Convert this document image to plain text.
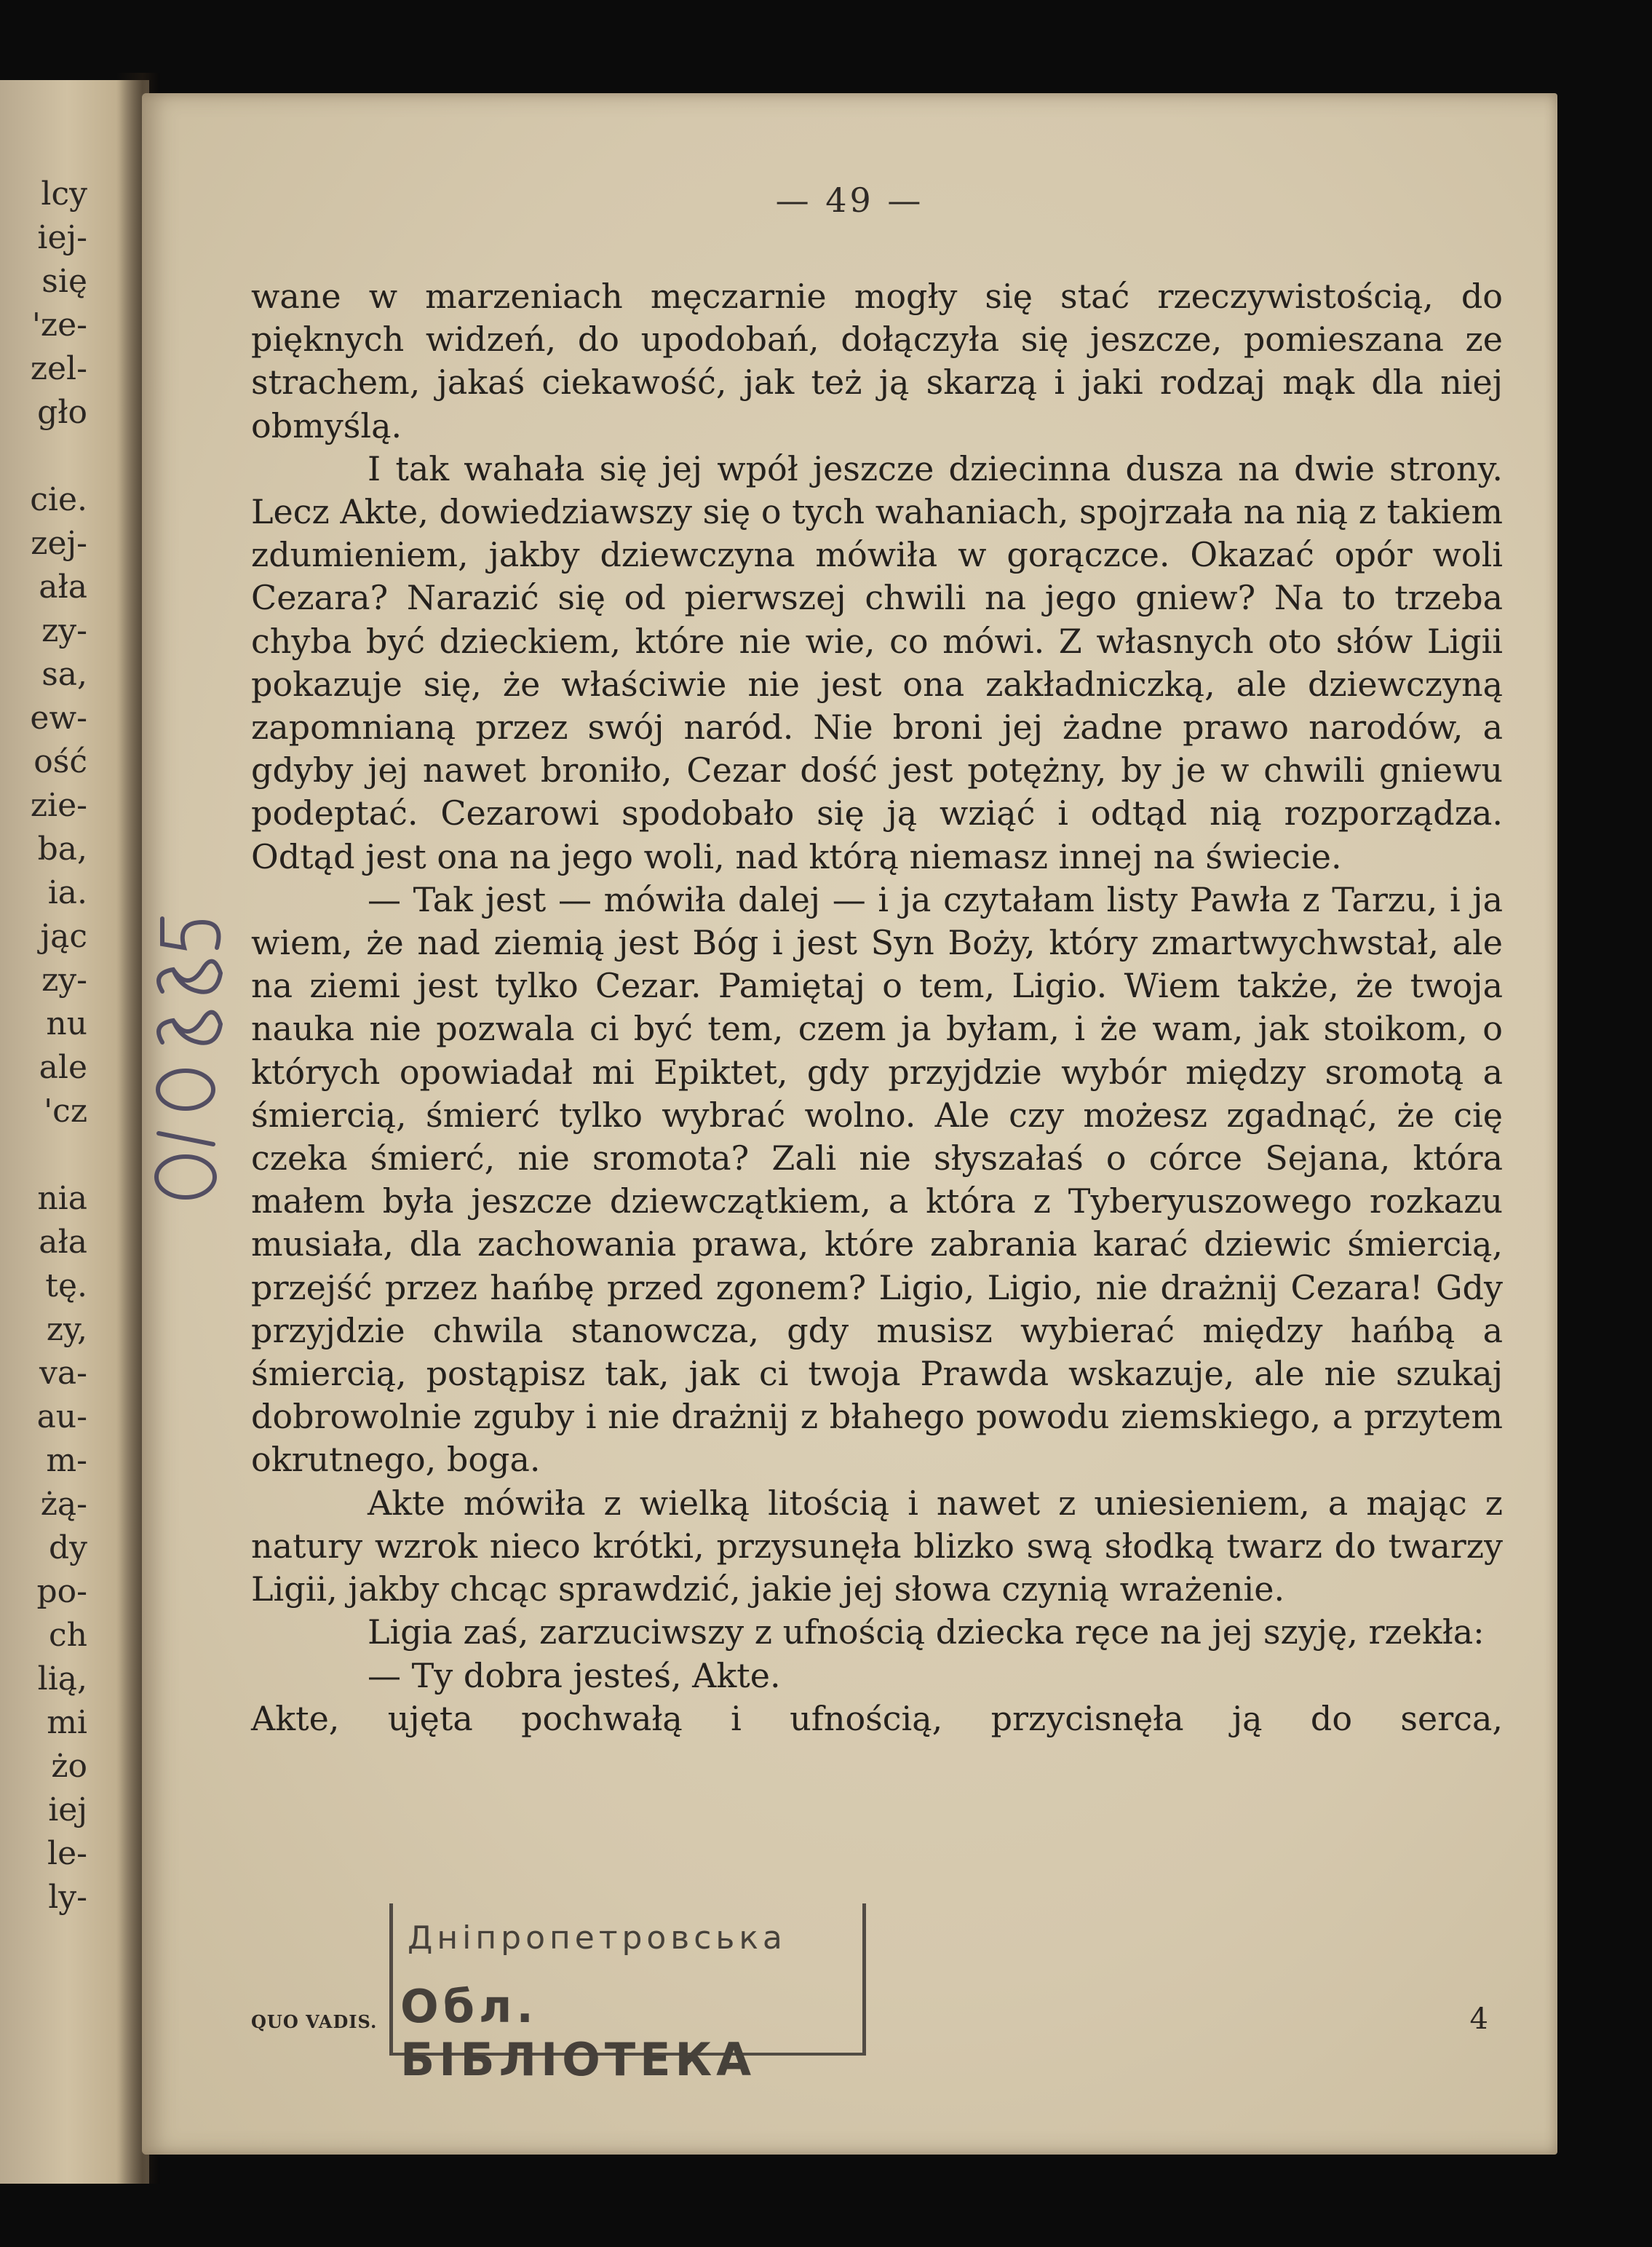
lcy
iej-
się
'ze-
zel-
gło
cie.
zej-
ała
zy-
sa,
ew-
ość
zie-
ba,
ia.
jąc
zy-
nu
ale
'cz
nia
ała
tę.
zy,
va-
au-
m-
żą-
dy
po-
ch
lią,
mi
żo
iej
le-
ly-
— 49 —

wane w marzeniach męczarnie mogły się stać rzeczywistością, do pięknych widzeń, do upodobań, dołączyła się jeszcze, pomieszana ze strachem, jakaś ciekawość, jak też ją skarzą i jaki rodzaj mąk dla niej obmyślą.

I tak wahała się jej wpół jeszcze dziecinna dusza na dwie strony. Lecz Akte, dowiedziawszy się o tych wahaniach, spojrzała na nią z takiem zdumieniem, jakby dziewczyna mówiła w gorączce. Okazać opór woli Cezara? Narazić się od pierwszej chwili na jego gniew? Na to trzeba chyba być dzieckiem, które nie wie, co mówi. Z własnych oto słów Ligii pokazuje się, że właściwie nie jest ona zakładniczką, ale dziewczyną zapomnianą przez swój naród. Nie broni jej żadne prawo narodów, a gdyby jej nawet broniło, Cezar dość jest potężny, by je w chwili gniewu podeptać. Cezarowi spodobało się ją wziąć i odtąd nią rozporządza. Odtąd jest ona na jego woli, nad którą niemasz innej na świecie.

— Tak jest — mówiła dalej — i ja czytałam listy Pawła z Tarzu, i ja wiem, że nad ziemią jest Bóg i jest Syn Boży, który zmartwychwstał, ale na ziemi jest tylko Cezar. Pamiętaj o tem, Ligio. Wiem także, że twoja nauka nie pozwala ci być tem, czem ja byłam, i że wam, jak stoikom, o których opowiadał mi Epiktet, gdy przyjdzie wybór między sromotą a śmiercią, śmierć tylko wybrać wolno. Ale czy możesz zgadnąć, że cię czeka śmierć, nie sromota? Zali nie słyszałaś o córce Sejana, która małem była jeszcze dziewczątkiem, a która z Tyberyuszowego rozkazu musiała, dla zachowania prawa, które zabrania karać dziewic śmiercią, przejść przez hańbę przed zgonem? Ligio, Ligio, nie drażnij Cezara! Gdy przyjdzie chwila stanowcza, gdy musisz wybierać między hańbą a śmiercią, postąpisz tak, jak ci twoja Prawda wskazuje, ale nie szukaj dobrowolnie zguby i nie drażnij z błahego powodu ziemskiego, a przytem okrutnego, boga.

Akte mówiła z wielką litością i nawet z uniesieniem, a mając z natury wzrok nieco krótki, przysunęła blizko swą słodką twarz do twarzy Ligii, jakby chcąc sprawdzić, jakie jej słowa czynią wrażenie.

Ligia zaś, zarzuciwszy z ufnością dziecka ręce na jej szyję, rzekła:

— Ty dobra jesteś, Akte.

Akte, ujęta pochwałą i ufnością, przycisnęła ją do serca,

QUO VADIS.	4
Дніпропетровська
Обл. БІБЛІОТЕКА
